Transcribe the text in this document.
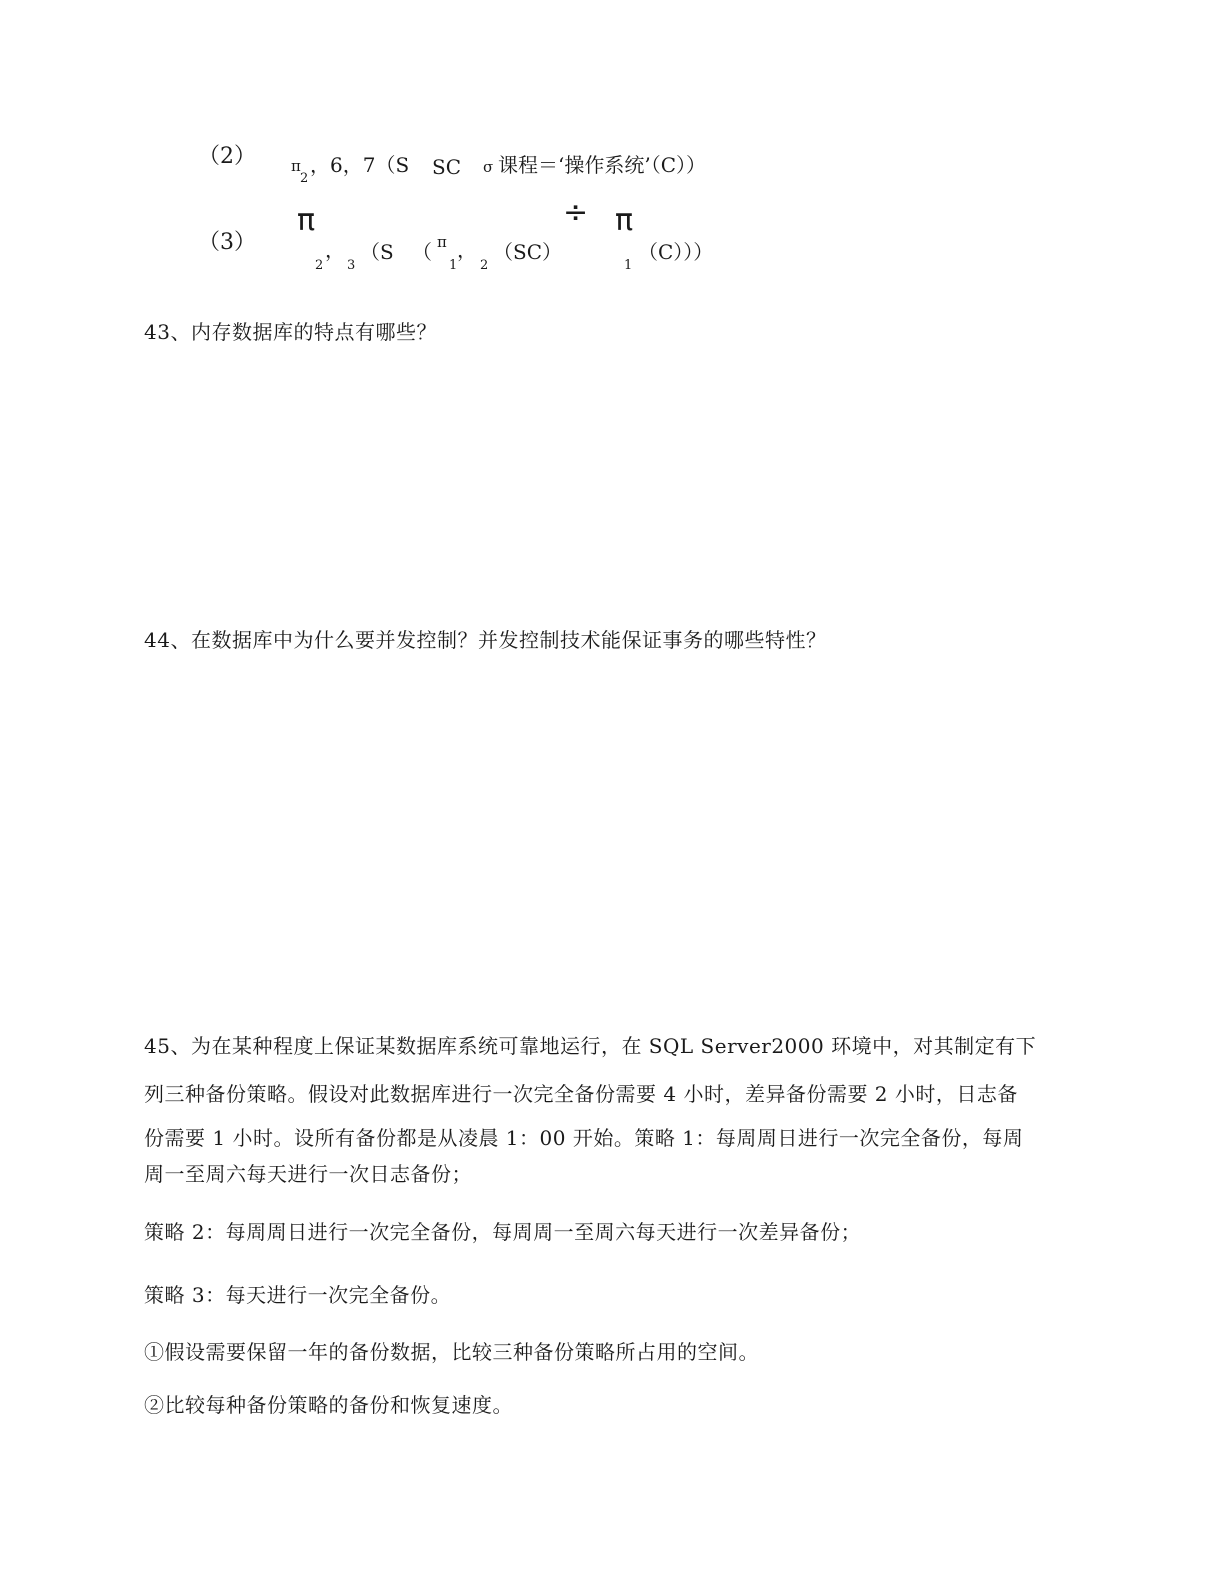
（2） π
2
，6，7（S SC σ 课程＝‘操作系统’（C））
（3）
π
2
，
3
（S （ π
1
，
2
（SC）
÷ π
1
（C）））
43、内存数据库的特点有哪些？
44、在数据库中为什么要并发控制？并发控制技术能保证事务的哪些特性？
45、为在某种程度上保证某数据库系统可靠地运行，在 SQL Server2000 环境中，对其制定有下
列三种备份策略。假设对此数据库进行一次完全备份需要 4 小时，差异备份需要 2 小时，日志备
份需要 1 小时。设所有备份都是从凌晨 1：00 开始。策略 1：每周周日进行一次完全备份，每周
周一至周六每天进行一次日志备份；
策略 2：每周周日进行一次完全备份，每周周一至周六每天进行一次差异备份；
策略 3：每天进行一次完全备份。
①假设需要保留一年的备份数据，比较三种备份策略所占用的空间。
②比较每种备份策略的备份和恢复速度。
